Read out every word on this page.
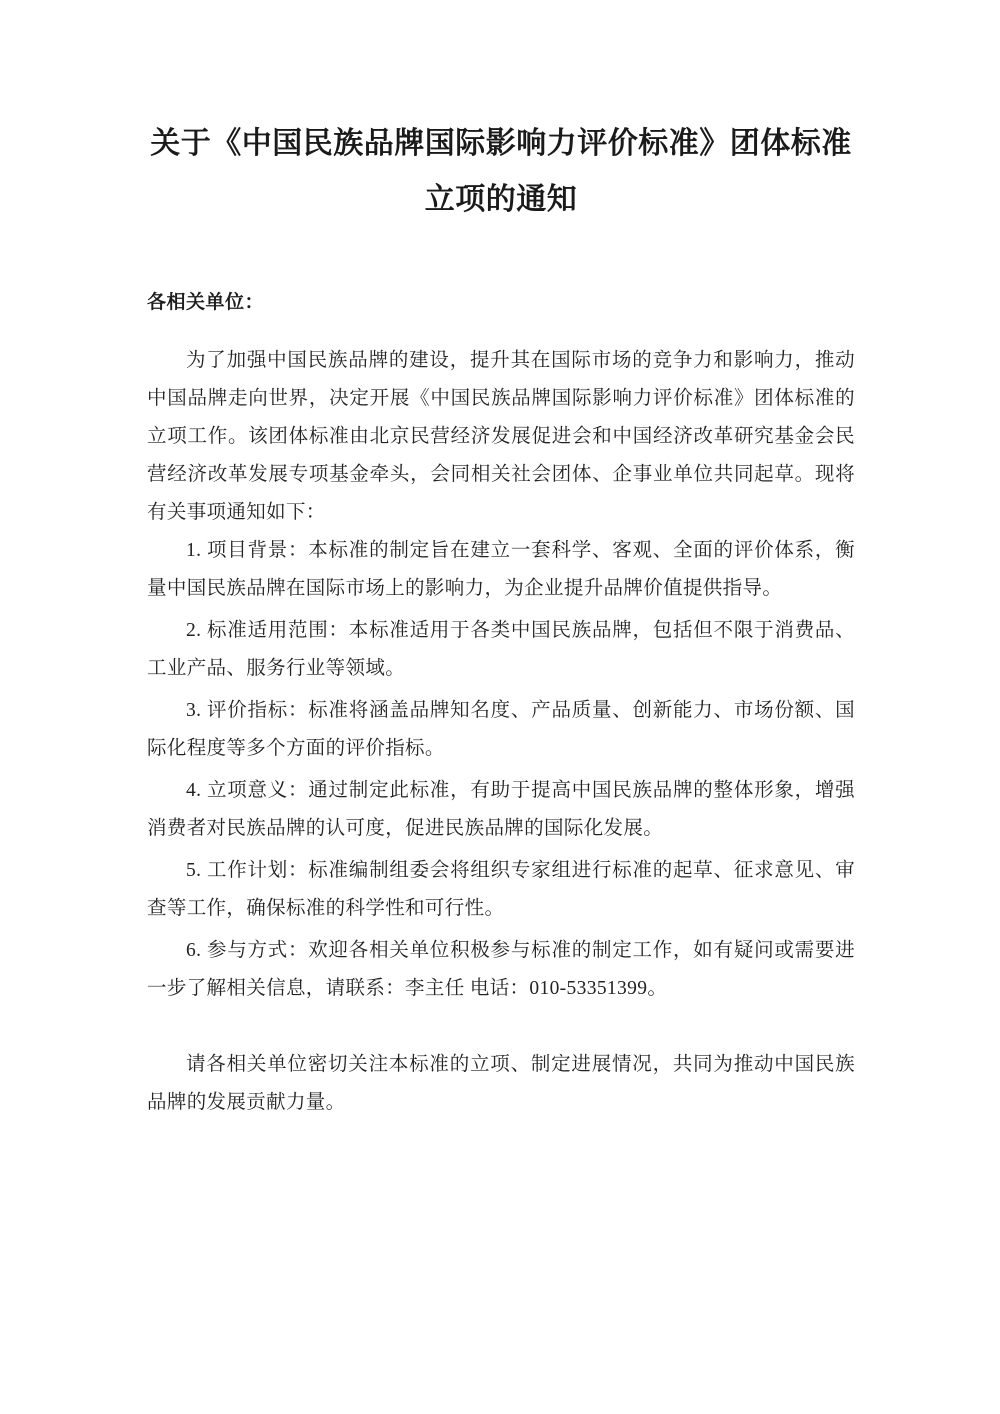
关于《中国民族品牌国际影响力评价标准》团体标准
立项的通知

各相关单位：

为了加强中国民族品牌的建设，提升其在国际市场的竞争力和影响力，推动中国品牌走向世界，决定开展《中国民族品牌国际影响力评价标准》团体标准的立项工作。该团体标准由北京民营经济发展促进会和中国经济改革研究基金会民营经济改革发展专项基金牵头，会同相关社会团体、企事业单位共同起草。现将有关事项通知如下：

1. 项目背景：本标准的制定旨在建立一套科学、客观、全面的评价体系，衡量中国民族品牌在国际市场上的影响力，为企业提升品牌价值提供指导。

2. 标准适用范围：本标准适用于各类中国民族品牌，包括但不限于消费品、工业产品、服务行业等领域。

3. 评价指标：标准将涵盖品牌知名度、产品质量、创新能力、市场份额、国际化程度等多个方面的评价指标。

4. 立项意义：通过制定此标准，有助于提高中国民族品牌的整体形象，增强消费者对民族品牌的认可度，促进民族品牌的国际化发展。

5. 工作计划：标准编制组委会将组织专家组进行标准的起草、征求意见、审查等工作，确保标准的科学性和可行性。

6. 参与方式：欢迎各相关单位积极参与标准的制定工作，如有疑问或需要进一步了解相关信息，请联系：李主任 电话：010-53351399。

请各相关单位密切关注本标准的立项、制定进展情况，共同为推动中国民族品牌的发展贡献力量。
